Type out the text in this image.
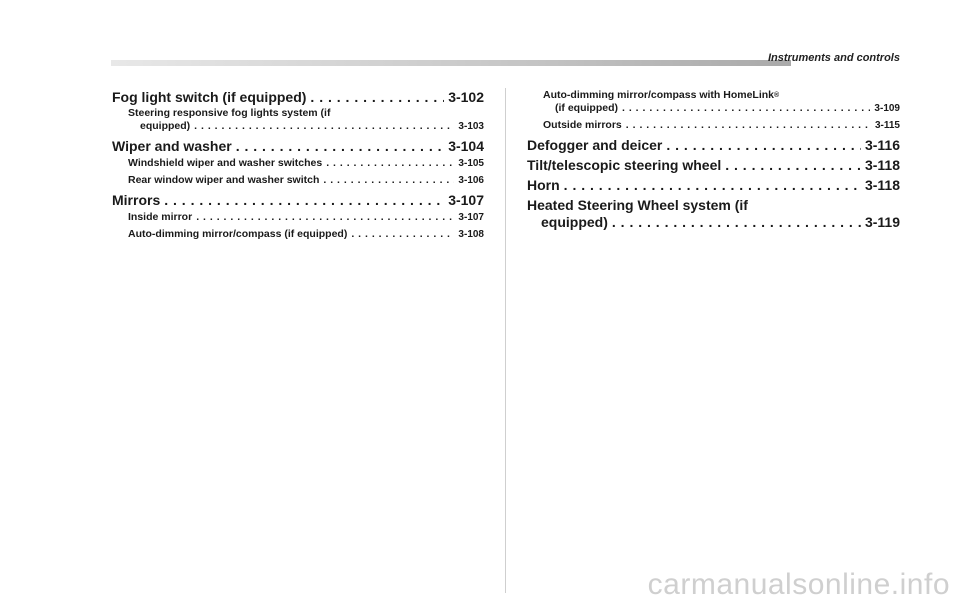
Instruments and controls
Fog light switch (if equipped) . . .	3-102
Steering responsive fog lights system (if
equipped) . . .	3-103
Wiper and washer . . .	3-104
Windshield wiper and washer switches . . .	3-105
Rear window wiper and washer switch . . .	3-106
Mirrors . . .	3-107
Inside mirror . . .	3-107
Auto-dimming mirror/compass (if equipped) . . .	3-108
Auto-dimming mirror/compass with HomeLink®
(if equipped) . . .	3-109
Outside mirrors . . .	3-115
Defogger and deicer . . .	3-116
Tilt/telescopic steering wheel . . .	3-118
Horn . . .	3-118
Heated Steering Wheel system (if
equipped) . . .	3-119
carmanualsonline.info
